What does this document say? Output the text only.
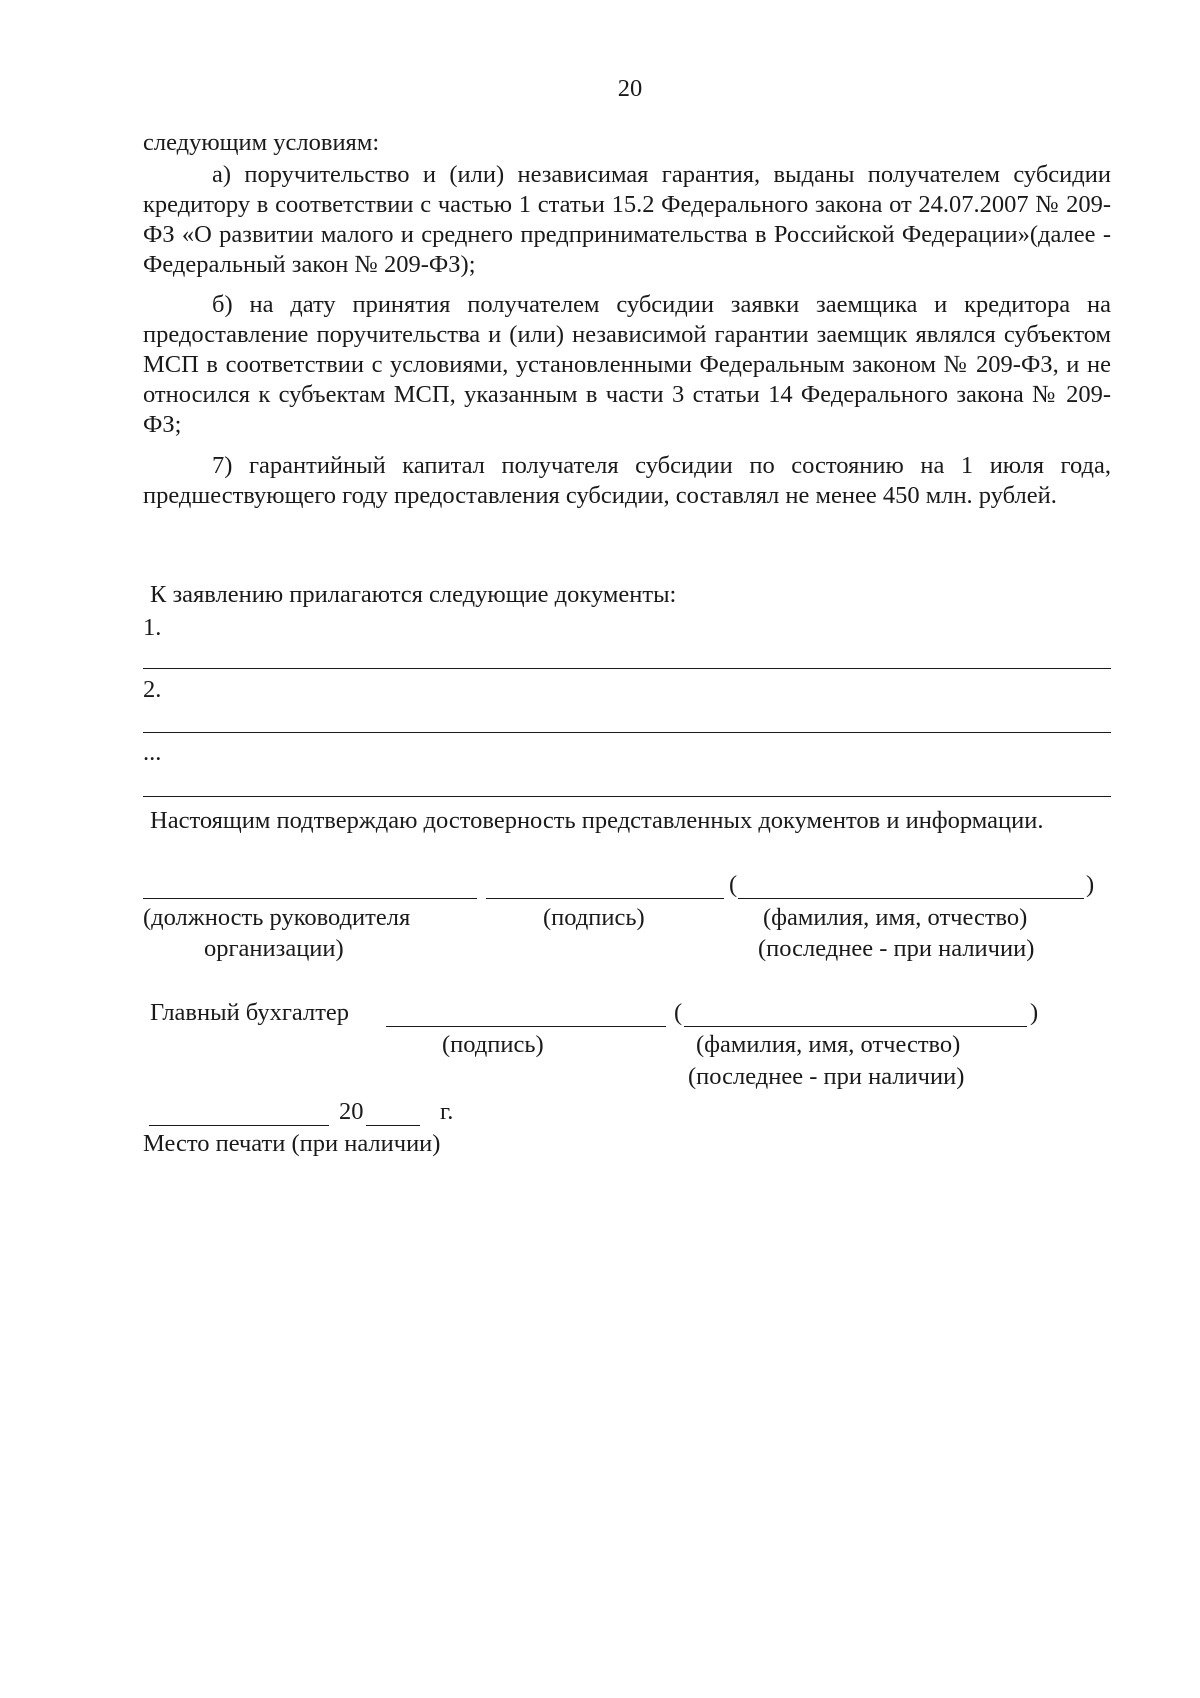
20
следующим условиям:
а) поручительство и (или) независимая гарантия, выданы получателем субсидии кредитору в соответствии с частью 1 статьи 15.2 Федерального закона от 24.07.2007 № 209-ФЗ «О развитии малого и среднего предпринимательства в Российской Федерации»(далее - Федеральный закон № 209-ФЗ);
б) на дату принятия получателем субсидии заявки заемщика и кредитора на предоставление поручительства и (или) независимой гарантии заемщик являлся субъектом МСП в соответствии с условиями, установленными Федеральным законом № 209-ФЗ, и не относился к субъектам МСП, указанным в части 3 статьи 14 Федерального закона № 209-ФЗ;
7) гарантийный капитал получателя субсидии по состоянию на 1 июля года, предшествующего году предоставления субсидии, составлял не менее 450 млн. рублей.
К заявлению прилагаются следующие документы:
1.
2.
...
Настоящим подтверждаю достоверность представленных документов и информации.
(	)
(должность руководителя
организации)
(подпись)	(фамилия, имя, отчество)
(последнее - при наличии)
Главный бухгалтер	(	)
(подпись)	(фамилия, имя, отчество)
(последнее - при наличии)
20	г.
Место печати (при наличии)
